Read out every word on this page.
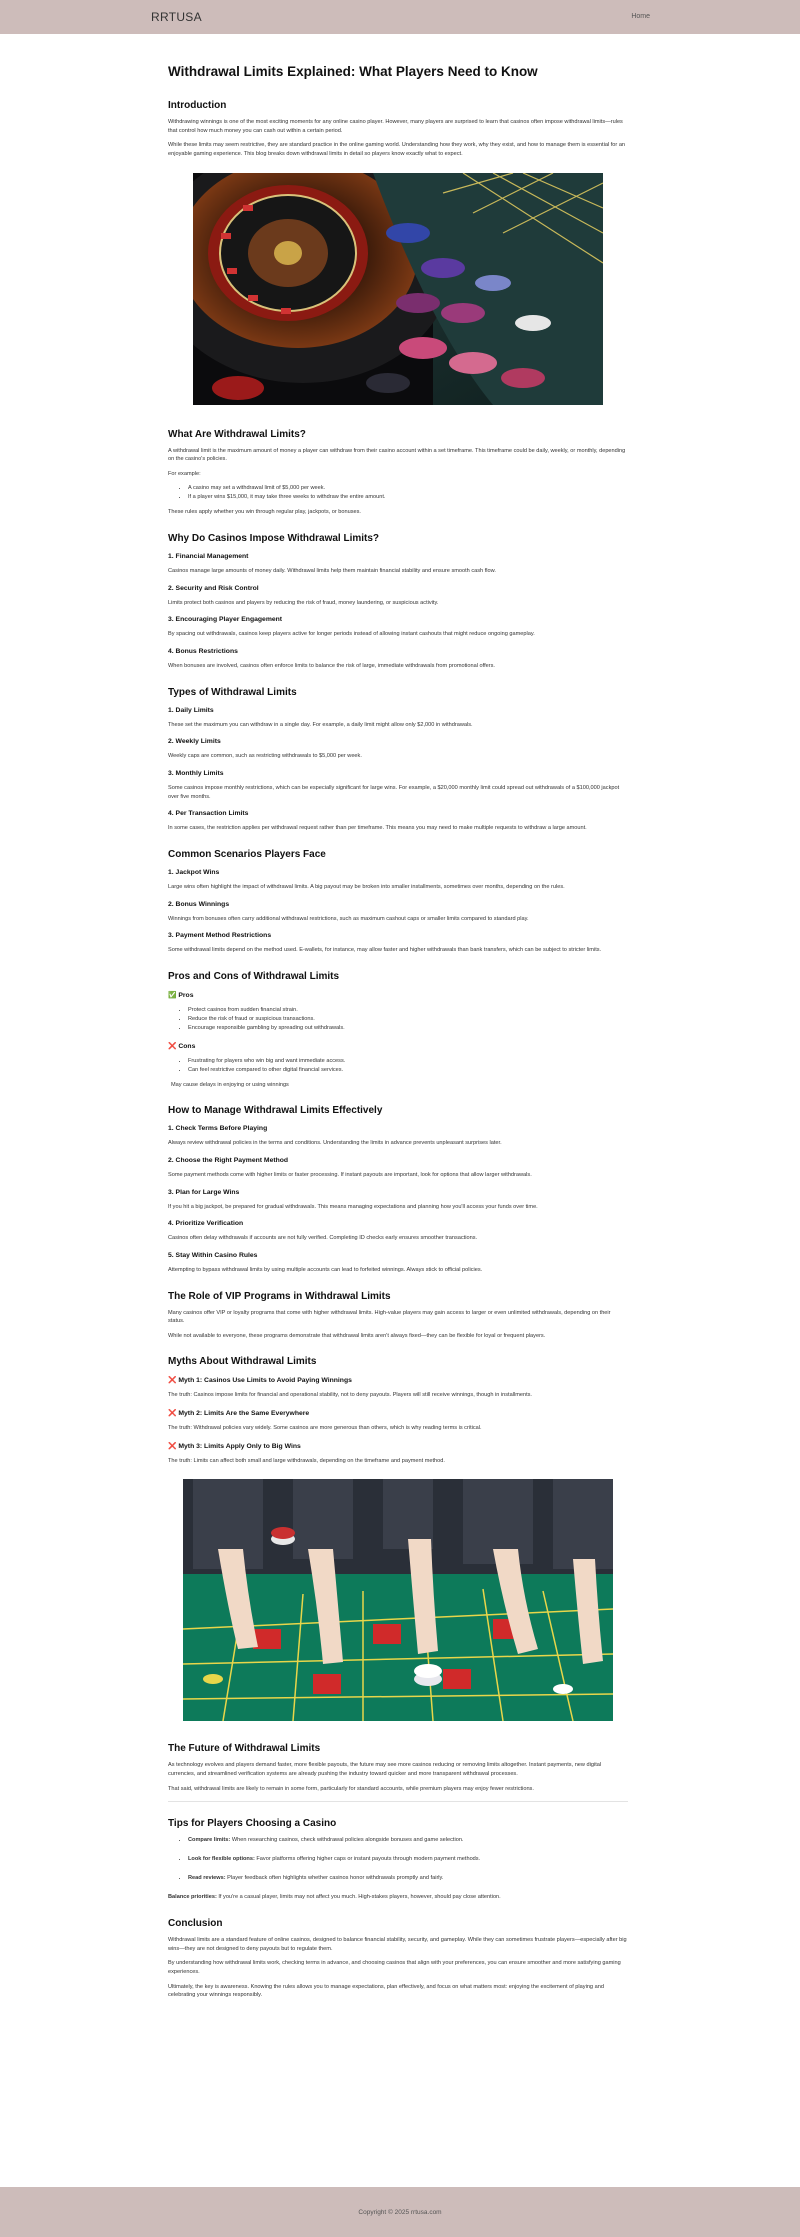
RRTUSA	Home
Withdrawal Limits Explained: What Players Need to Know
Introduction

Withdrawing winnings is one of the most exciting moments for any online casino player. However, many players are surprised to learn that casinos often impose withdrawal limits—rules that control how much money you can cash out within a certain period.

While these limits may seem restrictive, they are standard practice in the online gaming world. Understanding how they work, why they exist, and how to manage them is essential for an enjoyable gaming experience. This blog breaks down withdrawal limits in detail so players know exactly what to expect.

What Are Withdrawal Limits?

A withdrawal limit is the maximum amount of money a player can withdraw from their casino account within a set timeframe. This timeframe could be daily, weekly, or monthly, depending on the casino's policies.

For example:

• A casino may set a withdrawal limit of $5,000 per week.
• If a player wins $15,000, it may take three weeks to withdraw the entire amount.

These rules apply whether you win through regular play, jackpots, or bonuses.

Why Do Casinos Impose Withdrawal Limits?
1. Financial Management

Casinos manage large amounts of money daily. Withdrawal limits help them maintain financial stability and ensure smooth cash flow.

2. Security and Risk Control

Limits protect both casinos and players by reducing the risk of fraud, money laundering, or suspicious activity.

3. Encouraging Player Engagement

By spacing out withdrawals, casinos keep players active for longer periods instead of allowing instant cashouts that might reduce ongoing gameplay.

4. Bonus Restrictions

When bonuses are involved, casinos often enforce limits to balance the risk of large, immediate withdrawals from promotional offers.

Types of Withdrawal Limits
1. Daily Limits

These set the maximum you can withdraw in a single day. For example, a daily limit might allow only $2,000 in withdrawals.

2. Weekly Limits

Weekly caps are common, such as restricting withdrawals to $5,000 per week.

3. Monthly Limits

Some casinos impose monthly restrictions, which can be especially significant for large wins. For example, a $20,000 monthly limit could spread out withdrawals of a $100,000 jackpot over five months.

4. Per Transaction Limits

In some cases, the restriction applies per withdrawal request rather than per timeframe. This means you may need to make multiple requests to withdraw a large amount.

Common Scenarios Players Face
1. Jackpot Wins

Large wins often highlight the impact of withdrawal limits. A big payout may be broken into smaller installments, sometimes over months, depending on the rules.

2. Bonus Winnings

Winnings from bonuses often carry additional withdrawal restrictions, such as maximum cashout caps or smaller limits compared to standard play.

3. Payment Method Restrictions

Some withdrawal limits depend on the method used. E-wallets, for instance, may allow faster and higher withdrawals than bank transfers, which can be subject to stricter limits.

Pros and Cons of Withdrawal Limits
✅ Pros
• Protect casinos from sudden financial strain.
• Reduce the risk of fraud or suspicious transactions.
• Encourage responsible gambling by spreading out withdrawals.
❌ Cons
• Frustrating for players who win big and want immediate access.
• Can feel restrictive compared to other digital financial services.

May cause delays in enjoying or using winnings

How to Manage Withdrawal Limits Effectively
1. Check Terms Before Playing

Always review withdrawal policies in the terms and conditions. Understanding the limits in advance prevents unpleasant surprises later.

2. Choose the Right Payment Method

Some payment methods come with higher limits or faster processing. If instant payouts are important, look for options that allow larger withdrawals.

3. Plan for Large Wins

If you hit a big jackpot, be prepared for gradual withdrawals. This means managing expectations and planning how you'll access your funds over time.

4. Prioritize Verification

Casinos often delay withdrawals if accounts are not fully verified. Completing ID checks early ensures smoother transactions.

5. Stay Within Casino Rules

Attempting to bypass withdrawal limits by using multiple accounts can lead to forfeited winnings. Always stick to official policies.

The Role of VIP Programs in Withdrawal Limits

Many casinos offer VIP or loyalty programs that come with higher withdrawal limits. High-value players may gain access to larger or even unlimited withdrawals, depending on their status.

While not available to everyone, these programs demonstrate that withdrawal limits aren't always fixed—they can be flexible for loyal or frequent players.

Myths About Withdrawal Limits
❌ Myth 1: Casinos Use Limits to Avoid Paying Winnings

The truth: Casinos impose limits for financial and operational stability, not to deny payouts. Players will still receive winnings, though in installments.

❌ Myth 2: Limits Are the Same Everywhere

The truth: Withdrawal policies vary widely. Some casinos are more generous than others, which is why reading terms is critical.

❌ Myth 3: Limits Apply Only to Big Wins

The truth: Limits can affect both small and large withdrawals, depending on the timeframe and payment method.

The Future of Withdrawal Limits

As technology evolves and players demand faster, more flexible payouts, the future may see more casinos reducing or removing limits altogether. Instant payments, new digital currencies, and streamlined verification systems are already pushing the industry toward quicker and more transparent withdrawal processes.

That said, withdrawal limits are likely to remain in some form, particularly for standard accounts, while premium players may enjoy fewer restrictions.

Tips for Players Choosing a Casino
• Compare limits: When researching casinos, check withdrawal policies alongside bonuses and game selection.
• Look for flexible options: Favor platforms offering higher caps or instant payouts through modern payment methods.
• Read reviews: Player feedback often highlights whether casinos honor withdrawals promptly and fairly.

Balance priorities: If you're a casual player, limits may not affect you much. High-stakes players, however, should pay close attention.

Conclusion

Withdrawal limits are a standard feature of online casinos, designed to balance financial stability, security, and gameplay. While they can sometimes frustrate players—especially after big wins—they are not designed to deny payouts but to regulate them.

By understanding how withdrawal limits work, checking terms in advance, and choosing casinos that align with your preferences, you can ensure smoother and more satisfying gaming experiences.

Ultimately, the key is awareness. Knowing the rules allows you to manage expectations, plan effectively, and focus on what matters most: enjoying the excitement of playing and celebrating your winnings responsibly.

Copyright © 2025 rrtusa.com
